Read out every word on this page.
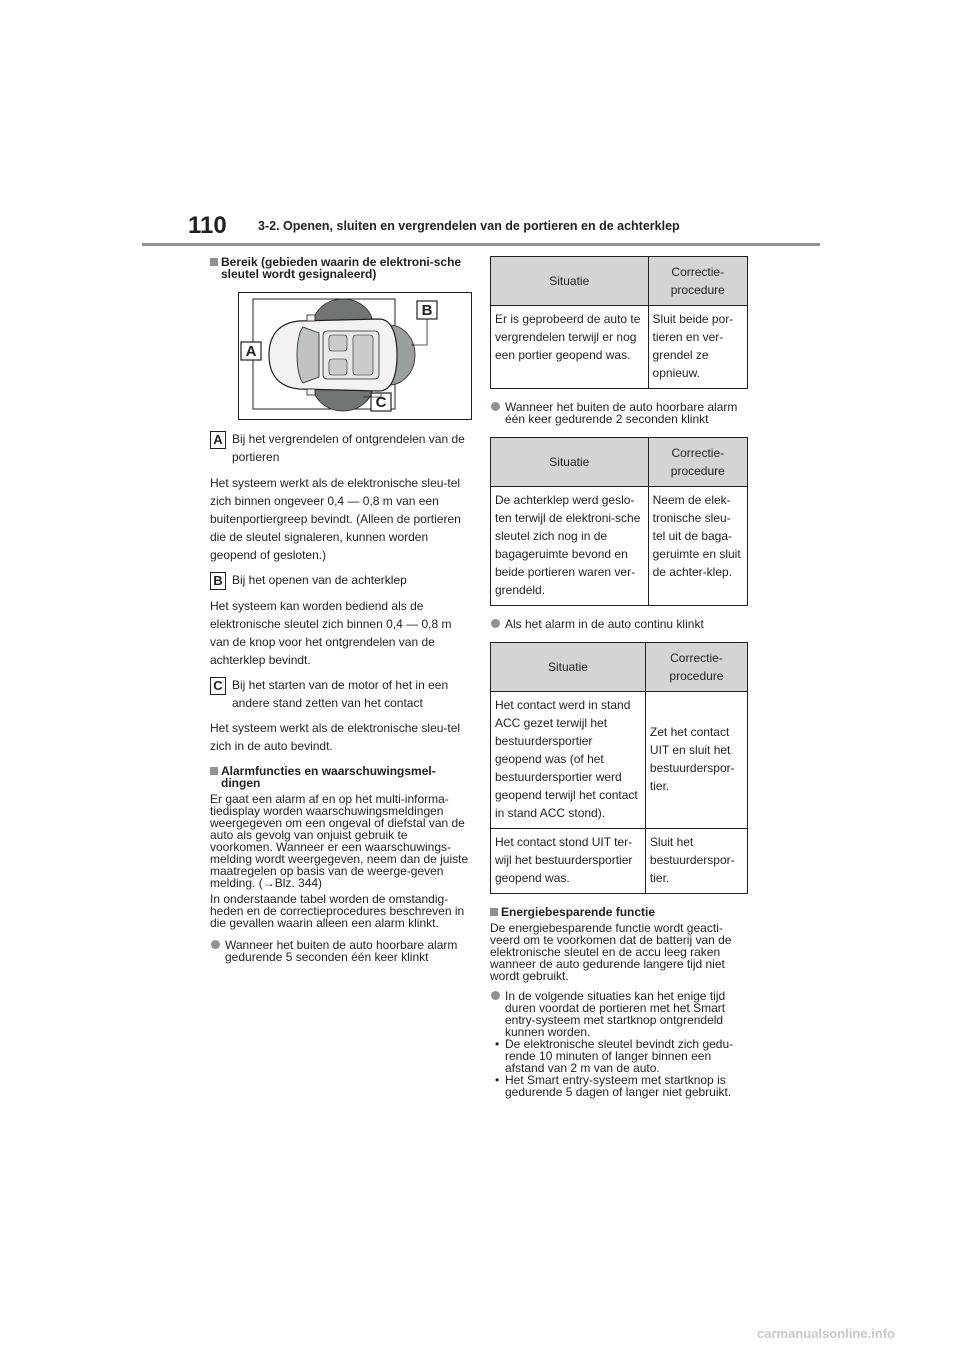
110	3-2. Openen, sluiten en vergrendelen van de portieren en de achterklep
Bereik (gebieden waarin de elektroni-sche sleutel wordt gesignaleerd)
A
B
C
A Bij het vergrendelen of ontgrendelen van de portieren

Het systeem werkt als de elektronische sleu-tel zich binnen ongeveer 0,4 — 0,8 m van een buitenportiergreep bevindt. (Alleen de portieren die de sleutel signaleren, kunnen worden geopend of gesloten.)

B Bij het openen van de achterklep

Het systeem kan worden bediend als de elektronische sleutel zich binnen 0,4 — 0,8 m van de knop voor het ontgrendelen van de achterklep bevindt.

C Bij het starten van de motor of het in een andere stand zetten van het contact

Het systeem werkt als de elektronische sleu-tel zich in de auto bevindt.

Alarmfuncties en waarschuwingsmel-dingen

Er gaat een alarm af en op het multi-informa-tiedisplay worden waarschuwingsmeldingen weergegeven om een ongeval of diefstal van de auto als gevolg van onjuist gebruik te voorkomen. Wanneer er een waarschuwings-melding wordt weergegeven, neem dan de juiste maatregelen op basis van de weerge-geven melding. (→Blz. 344)

In onderstaande tabel worden de omstandig-heden en de correctieprocedures beschreven in die gevallen waarin alleen een alarm klinkt.

Wanneer het buiten de auto hoorbare alarm gedurende 5 seconden één keer klinkt
Situatie	Correctie-procedure
Er is geprobeerd de auto te vergrendelen terwijl er nog een portier geopend was.	Sluit beide por-tieren en ver-grendel ze opnieuw.
Wanneer het buiten de auto hoorbare alarm één keer gedurende 2 seconden klinkt
Situatie	Correctie-procedure
De achterklep werd geslo-ten terwijl de elektroni-sche sleutel zich nog in de bagageruimte bevond en beide portieren waren ver-grendeld.	Neem de elek-tronische sleu-tel uit de baga-geruimte en sluit de achter-klep.
Als het alarm in de auto continu klinkt
Situatie	Correctie-procedure
Het contact werd in stand ACC gezet terwijl het bestuurdersportier geopend was (of het bestuurdersportier werd geopend terwijl het contact in stand ACC stond).	Zet het contact UIT en sluit het bestuurderspor-tier.
Het contact stond UIT ter-wijl het bestuurdersportier geopend was.	Sluit het bestuurderspor-tier.
Energiebesparende functie

De energiebesparende functie wordt geacti-veerd om te voorkomen dat de batterij van de elektronische sleutel en de accu leeg raken wanneer de auto gedurende langere tijd niet wordt gebruikt.

In de volgende situaties kan het enige tijd duren voordat de portieren met het Smart entry-systeem met startknop ontgrendeld kunnen worden.
• De elektronische sleutel bevindt zich gedu-rende 10 minuten of langer binnen een afstand van 2 m van de auto.
• Het Smart entry-systeem met startknop is gedurende 5 dagen of langer niet gebruikt.
carmanualsonline.info
